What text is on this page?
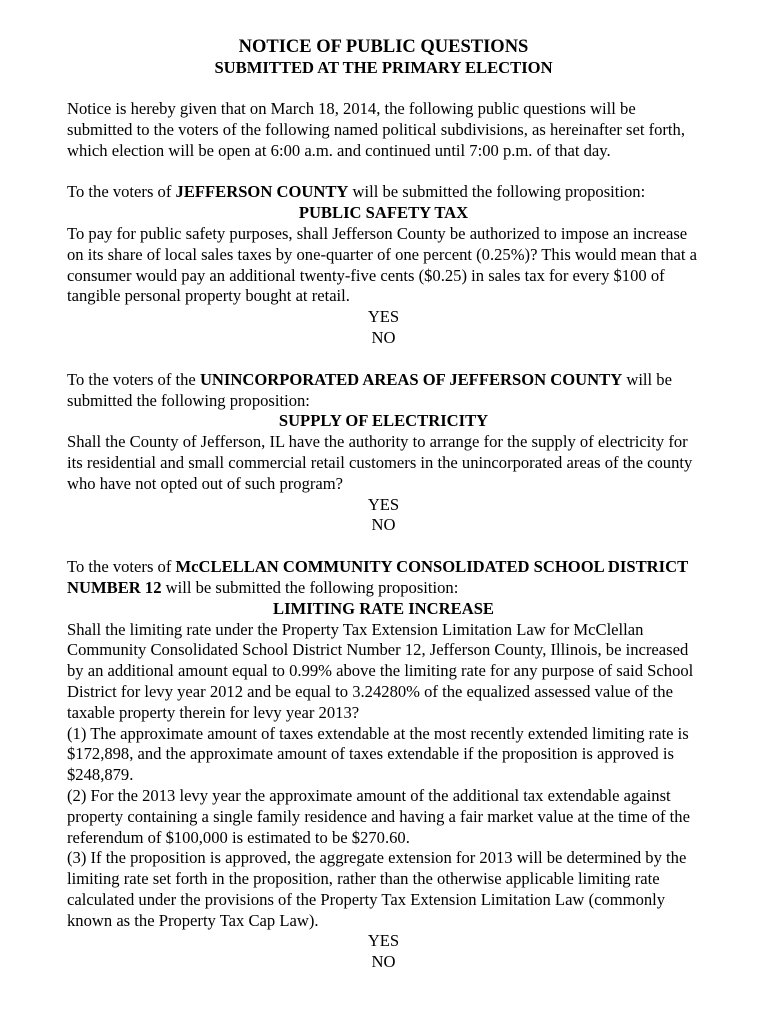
NOTICE OF PUBLIC QUESTIONS
SUBMITTED AT THE PRIMARY ELECTION

Notice is hereby given that on March 18, 2014, the following public questions will be submitted to the voters of the following named political subdivisions, as hereinafter set forth, which election will be open at 6:00 a.m. and continued until 7:00 p.m. of that day.

To the voters of JEFFERSON COUNTY will be submitted the following proposition:

PUBLIC SAFETY TAX

To pay for public safety purposes, shall Jefferson County be authorized to impose an increase on its share of local sales taxes by one-quarter of one percent (0.25%)? This would mean that a consumer would pay an additional twenty-five cents ($0.25) in sales tax for every $100 of tangible personal property bought at retail.

YES

NO

To the voters of the UNINCORPORATED AREAS OF JEFFERSON COUNTY will be submitted the following proposition:

SUPPLY OF ELECTRICITY

Shall the County of Jefferson, IL have the authority to arrange for the supply of electricity for its residential and small commercial retail customers in the unincorporated areas of the county who have not opted out of such program?

YES

NO

To the voters of McCLELLAN COMMUNITY CONSOLIDATED SCHOOL DISTRICT NUMBER 12 will be submitted the following proposition:

LIMITING RATE INCREASE

Shall the limiting rate under the Property Tax Extension Limitation Law for McClellan Community Consolidated School District Number 12, Jefferson County, Illinois, be increased by an additional amount equal to 0.99% above the limiting rate for any purpose of said School District for levy year 2012 and be equal to 3.24280% of the equalized assessed value of the taxable property therein for levy year 2013?

(1) The approximate amount of taxes extendable at the most recently extended limiting rate is $172,898, and the approximate amount of taxes extendable if the proposition is approved is $248,879.

(2) For the 2013 levy year the approximate amount of the additional tax extendable against property containing a single family residence and having a fair market value at the time of the referendum of $100,000 is estimated to be $270.60.

(3) If the proposition is approved, the aggregate extension for 2013 will be determined by the limiting rate set forth in the proposition, rather than the otherwise applicable limiting rate calculated under the provisions of the Property Tax Extension Limitation Law (commonly known as the Property Tax Cap Law).

YES

NO
